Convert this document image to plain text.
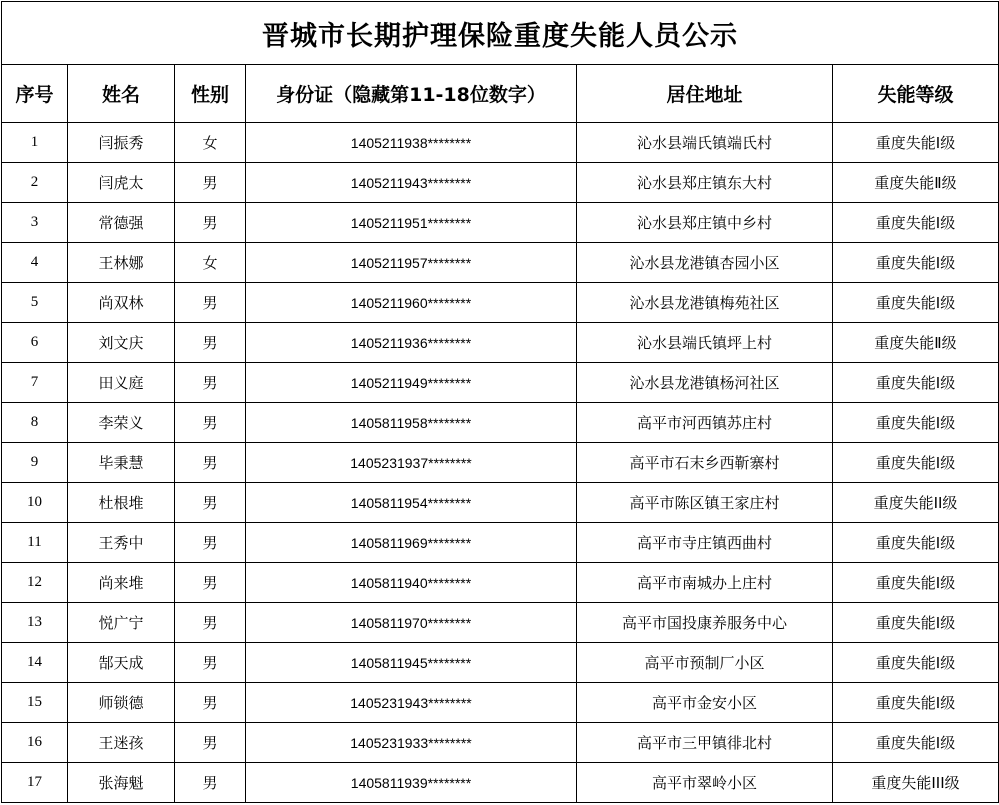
晋城市长期护理保险重度失能人员公示					
序号	姓名	性别	身份证（隐藏第11-18位数字）	居住地址	失能等级
1	闫振秀	女	1405211938********	沁水县端氏镇端氏村	重度失能I级
2	闫虎太	男	1405211943********	沁水县郑庄镇东大村	重度失能Ⅱ级
3	常德强	男	1405211951********	沁水县郑庄镇中乡村	重度失能I级
4	王林娜	女	1405211957********	沁水县龙港镇杏园小区	重度失能I级
5	尚双林	男	1405211960********	沁水县龙港镇梅苑社区	重度失能I级
6	刘文庆	男	1405211936********	沁水县端氏镇坪上村	重度失能Ⅱ级
7	田义庭	男	1405211949********	沁水县龙港镇杨河社区	重度失能I级
8	李荣义	男	1405811958********	高平市河西镇苏庄村	重度失能I级
9	毕秉慧	男	1405231937********	高平市石末乡西靳寨村	重度失能I级
10	杜根堆	男	1405811954********	高平市陈区镇王家庄村	重度失能II级
11	王秀中	男	1405811969********	高平市寺庄镇西曲村	重度失能I级
12	尚来堆	男	1405811940********	高平市南城办上庄村	重度失能I级
13	悦广宁	男	1405811970********	高平市国投康养服务中心	重度失能I级
14	郜天成	男	1405811945********	高平市预制厂小区	重度失能I级
15	师锁德	男	1405231943********	高平市金安小区	重度失能I级
16	王迷孩	男	1405231933********	高平市三甲镇徘北村	重度失能I级
17	张海魁	男	1405811939********	高平市翠岭小区	重度失能III级
